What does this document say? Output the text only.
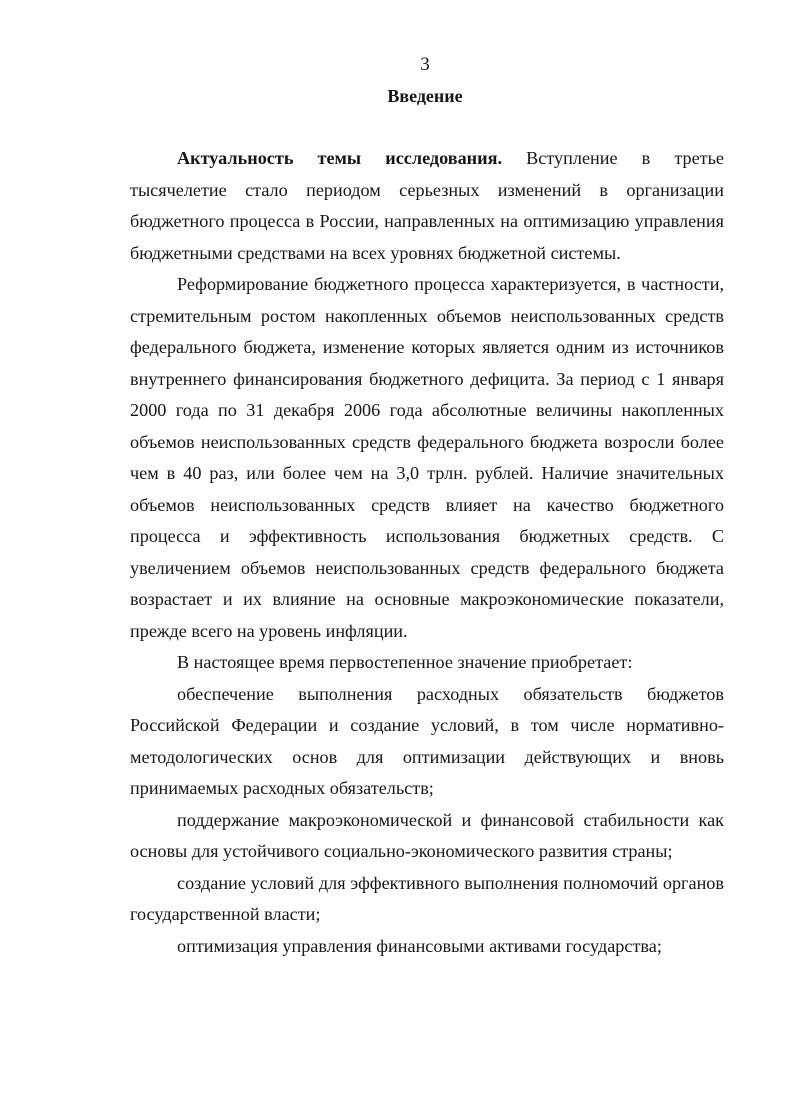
3
Введение

Актуальность темы исследования. Вступление в третье тысячелетие стало периодом серьезных изменений в организации бюджетного процесса в России, направленных на оптимизацию управления бюджетными средствами на всех уровнях бюджетной системы.

Реформирование бюджетного процесса характеризуется, в частности, стремительным ростом накопленных объемов неиспользованных средств федерального бюджета, изменение которых является одним из источников внутреннего финансирования бюджетного дефицита. За период с 1 января 2000 года по 31 декабря 2006 года абсолютные величины накопленных объемов неиспользованных средств федерального бюджета возросли более чем в 40 раз, или более чем на 3,0 трлн. рублей. Наличие значительных объемов неиспользованных средств влияет на качество бюджетного процесса и эффективность использования бюджетных средств. С увеличением объемов неиспользованных средств федерального бюджета возрастает и их влияние на основные макроэкономические показатели, прежде всего на уровень инфляции.

В настоящее время первостепенное значение приобретает:

обеспечение выполнения расходных обязательств бюджетов Российской Федерации и создание условий, в том числе нормативно-методологических основ для оптимизации действующих и вновь принимаемых расходных обязательств;

поддержание макроэкономической и финансовой стабильности как основы для устойчивого социально-экономического развития страны;

создание условий для эффективного выполнения полномочий органов государственной власти;

оптимизация управления финансовыми активами государства;
